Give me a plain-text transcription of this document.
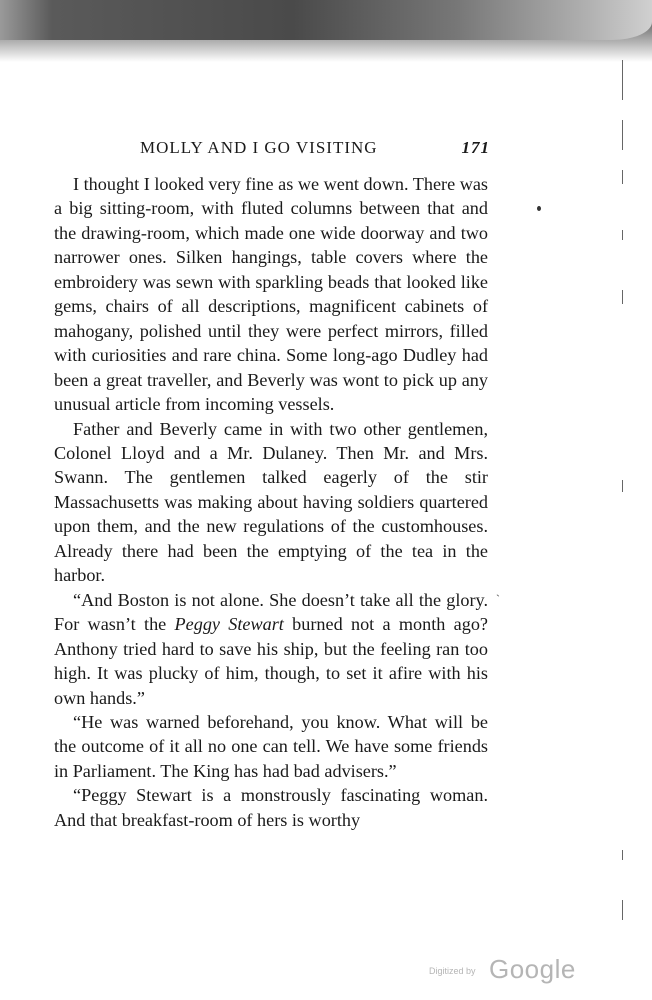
MOLLY AND I GO VISITING	171

I thought I looked very fine as we went down. There was a big sitting-room, with fluted columns between that and the drawing-room, which made one wide doorway and two narrower ones. Silken hangings, table covers where the embroidery was sewn with sparkling beads that looked like gems, chairs of all descriptions, magnificent cabinets of mahogany, polished until they were perfect mirrors, filled with curiosities and rare china. Some long-ago Dudley had been a great traveller, and Beverly was wont to pick up any unusual article from incoming vessels.

Father and Beverly came in with two other gentlemen, Colonel Lloyd and a Mr. Dulaney. Then Mr. and Mrs. Swann. The gentlemen talked eagerly of the stir Massachusetts was making about having soldiers quartered upon them, and the new regulations of the customhouses. Already there had been the emptying of the tea in the harbor.

“And Boston is not alone. She doesn’t take all the glory. For wasn’t the Peggy Stewart burned not a month ago? Anthony tried hard to save his ship, but the feeling ran too high. It was plucky of him, though, to set it afire with his own hands.”

“He was warned beforehand, you know. What will be the outcome of it all no one can tell. We have some friends in Parliament. The King has had bad advisers.”

“Peggy Stewart is a monstrously fascinating woman. And that breakfast-room of hers is worthy

`
Digitized by Google
